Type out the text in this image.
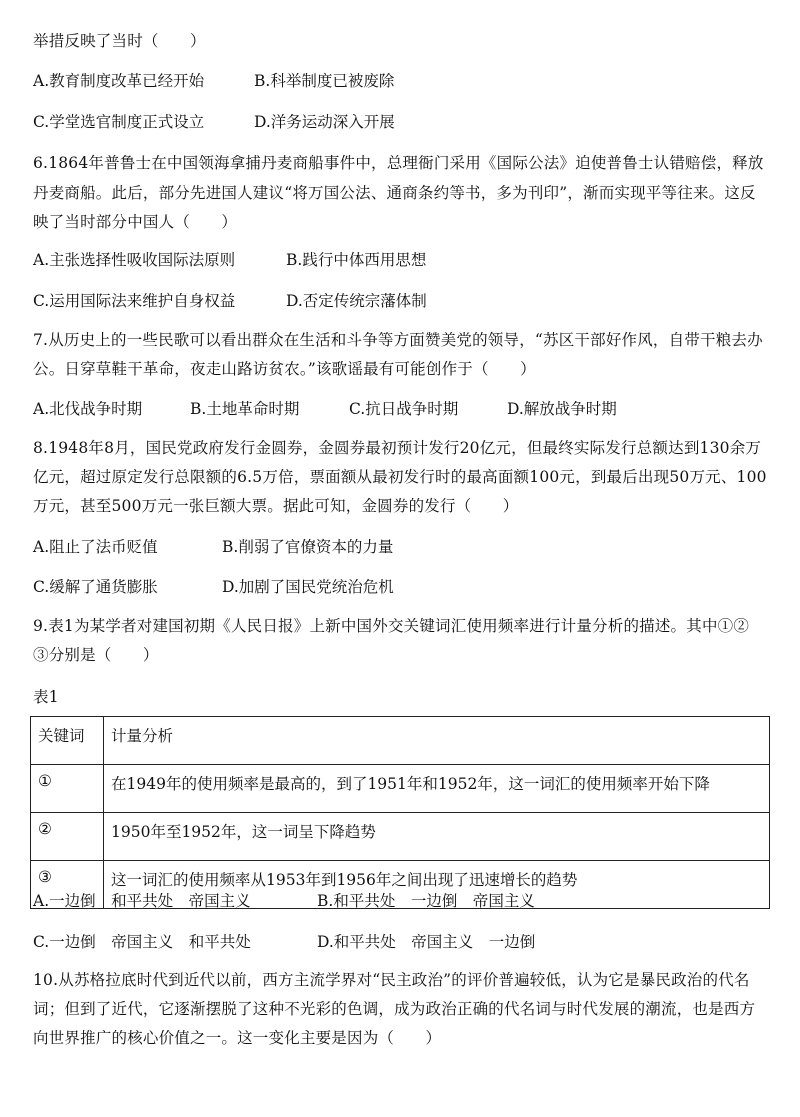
举措反映了当时（　　）
A.教育制度改革已经开始	B.科举制度已被废除
C.学堂选官制度正式设立	D.洋务运动深入开展
6.1864年普鲁士在中国领海拿捕丹麦商船事件中，总理衙门采用《国际公法》迫使普鲁士认错赔偿，释放
丹麦商船。此后，部分先进国人建议“将万国公法、通商条约等书，多为刊印”，渐而实现平等往来。这反
映了当时部分中国人（　　）
A.主张选择性吸收国际法原则	B.践行中体西用思想
C.运用国际法来维护自身权益	D.否定传统宗藩体制
7.从历史上的一些民歌可以看出群众在生活和斗争等方面赞美党的领导，“苏区干部好作风，自带干粮去办
公。日穿草鞋干革命，夜走山路访贫农。”该歌谣最有可能创作于（　　）
A.北伐战争时期	B.土地革命时期	C.抗日战争时期	D.解放战争时期
8.1948年8月，国民党政府发行金圆券，金圆券最初预计发行20亿元，但最终实际发行总额达到130余万
亿元，超过原定发行总限额的6.5万倍，票面额从最初发行时的最高面额100元，到最后出现50万元、100
万元，甚至500万元一张巨额大票。据此可知，金圆券的发行（　　）
A.阻止了法币贬值	B.削弱了官僚资本的力量
C.缓解了通货膨胀	D.加剧了国民党统治危机
9.表1为某学者对建国初期《人民日报》上新中国外交关键词汇使用频率进行计量分析的描述。其中①②
③分别是（　　）
表1
关键词	计量分析
①	在1949年的使用频率是最高的，到了1951年和1952年，这一词汇的使用频率开始下降
②	1950年至1952年，这一词呈下降趋势
③	这一词汇的使用频率从1953年到1956年之间出现了迅速增长的趋势
A.一边倒　和平共处　帝国主义	B.和平共处　一边倒　帝国主义
C.一边倒　帝国主义　和平共处	D.和平共处　帝国主义　一边倒
10.从苏格拉底时代到近代以前，西方主流学界对“民主政治”的评价普遍较低，认为它是暴民政治的代名
词；但到了近代，它逐渐摆脱了这种不光彩的色调，成为政治正确的代名词与时代发展的潮流，也是西方
向世界推广的核心价值之一。这一变化主要是因为（　　）
